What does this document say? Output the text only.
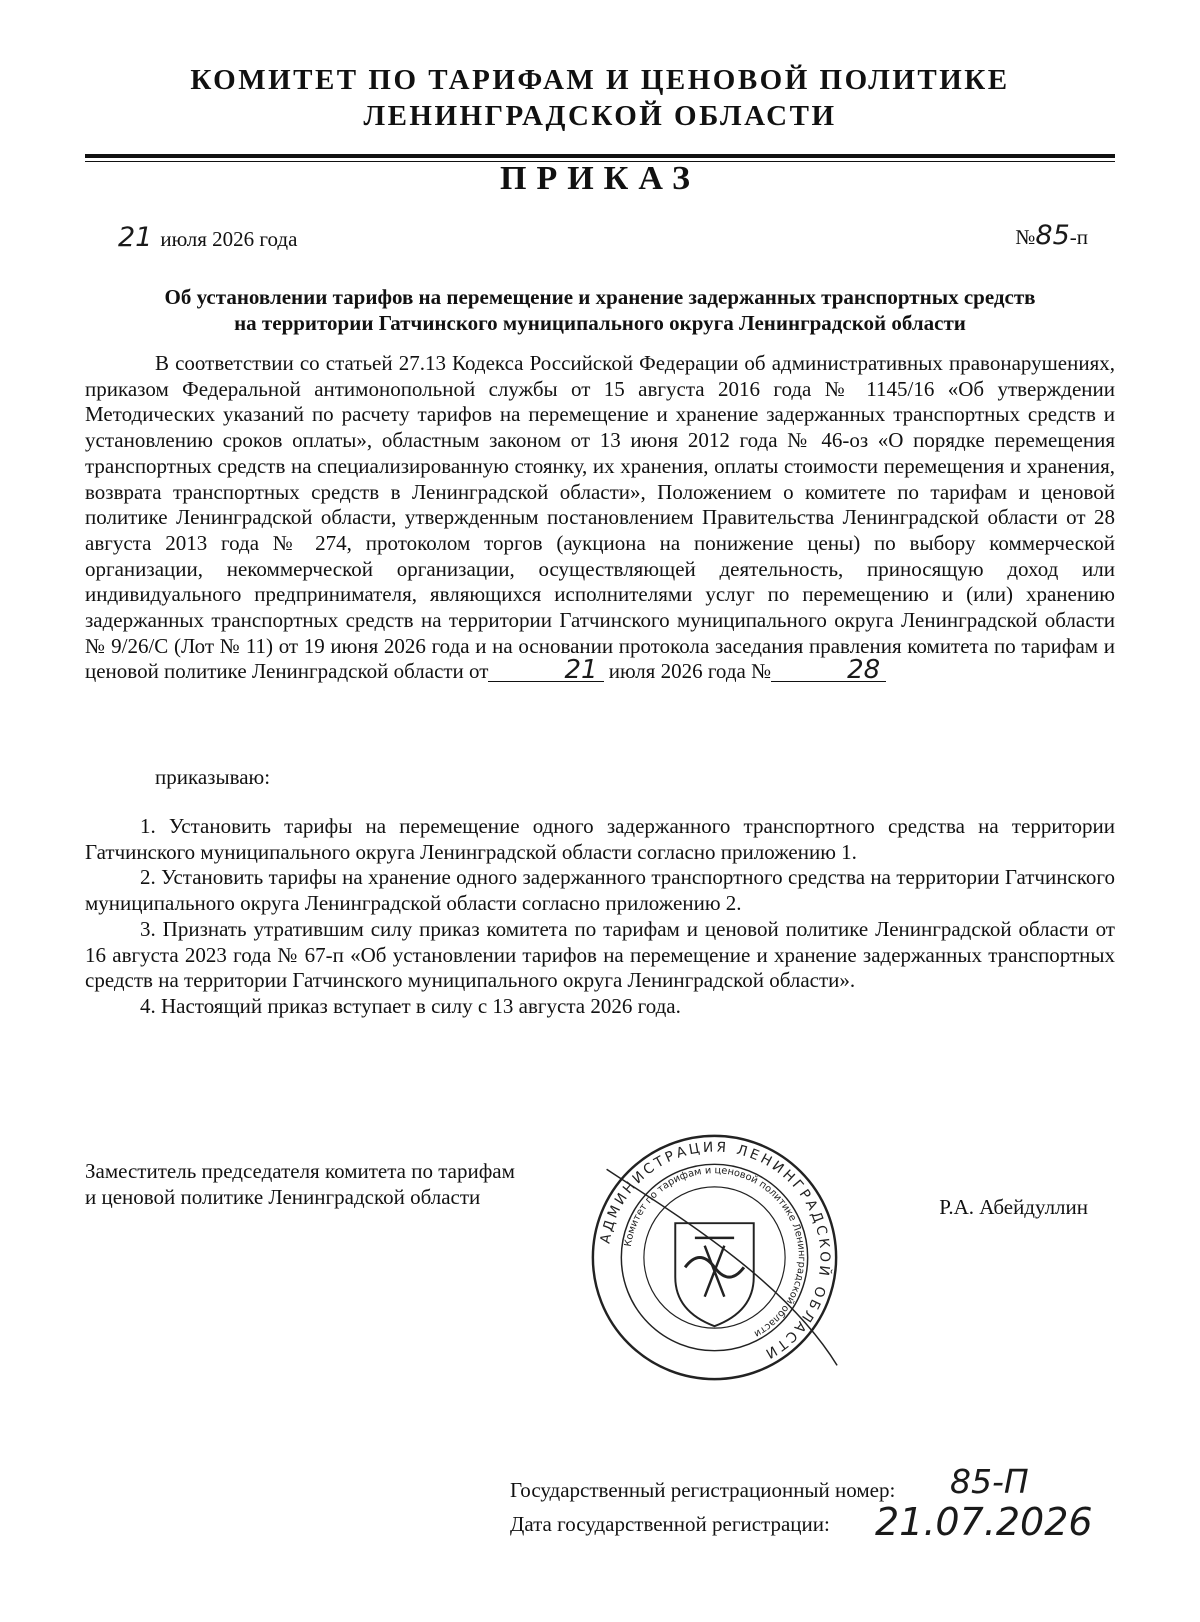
КОМИТЕТ ПО ТАРИФАМ И ЦЕНОВОЙ ПОЛИТИКЕ
ЛЕНИНГРАДСКОЙ ОБЛАСТИ
ПРИКАЗ
21 июля 2026 года	№85-п
Об установлении тарифов на перемещение и хранение задержанных транспортных средств
на территории Гатчинского муниципального округа Ленинградской области

В соответствии со статьей 27.13 Кодекса Российской Федерации об административных правонарушениях, приказом Федеральной антимонопольной службы от 15 августа 2016 года № 1145/16 «Об утверждении Методических указаний по расчету тарифов на перемещение и хранение задержанных транспортных средств и установлению сроков оплаты», областным законом от 13 июня 2012 года № 46-оз «О порядке перемещения транспортных средств на специализированную стоянку, их хранения, оплаты стоимости перемещения и хранения, возврата транспортных средств в Ленинградской области», Положением о комитете по тарифам и ценовой политике Ленинградской области, утвержденным постановлением Правительства Ленинградской области от 28 августа 2013 года № 274, протоколом торгов (аукциона на понижение цены) по выбору коммерческой организации, некоммерческой организации, осуществляющей деятельность, приносящую доход или индивидуального предпринимателя, являющихся исполнителями услуг по перемещению и (или) хранению задержанных транспортных средств на территории Гатчинского муниципального округа Ленинградской области № 9/26/С (Лот № 11) от 19 июня 2026 года и на основании протокола заседания правления комитета по тарифам и ценовой политике Ленинградской области от	21 июля 2026 года №	28

приказываю:

1. Установить тарифы на перемещение одного задержанного транспортного средства на территории Гатчинского муниципального округа Ленинградской области согласно приложению 1.

2. Установить тарифы на хранение одного задержанного транспортного средства на территории Гатчинского муниципального округа Ленинградской области согласно приложению 2.

3. Признать утратившим силу приказ комитета по тарифам и ценовой политике Ленинградской области от 16 августа 2023 года № 67-п «Об установлении тарифов на перемещение и хранение задержанных транспортных средств на территории Гатчинского муниципального округа Ленинградской области».

4. Настоящий приказ вступает в силу с 13 августа 2026 года.

Заместитель председателя комитета по тарифам
и ценовой политике Ленинградской области	Р.А. Абейдуллин
АДМИНИСТРАЦИЯ ЛЕНИНГРАДСКОЙ ОБЛАСТИ
Комитет по тарифам и ценовой политике Ленинградской области
Государственный регистрационный номер: 85-П
Дата государственной регистрации: 21.07.2026
